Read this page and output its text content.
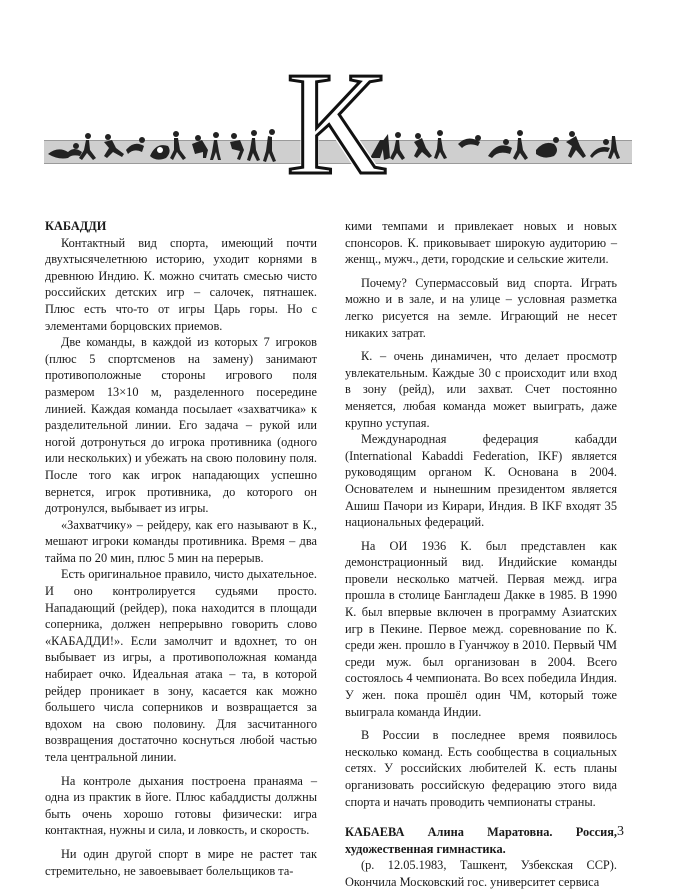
К

КАБАДДИ

Контактный вид спорта, имеющий почти двухтысячелетнюю историю, уходит корнями в древнюю Индию. К. можно считать смесью чисто российских детских игр – салочек, пятнашек. Плюс есть что-то от игры Царь горы. Но с элементами борцовских приемов.

Две команды, в каждой из которых 7 игроков (плюс 5 спортсменов на замену) занимают противоположные стороны игрового поля размером 13×10 м, разделенного посередине линией. Каждая команда посылает «захватчика» к разделительной линии. Его задача – рукой или ногой дотронуться до игрока противника (одного или нескольких) и убежать на свою половину поля. После того как игрок нападающих успешно вернется, игрок противника, до которого он дотронулся, выбывает из игры.

«Захватчику» – рейдеру, как его называют в К., мешают игроки команды противника. Время – два тайма по 20 мин, плюс 5 мин на перерыв.

Есть оригинальное правило, чисто дыхательное. И оно контролируется судьями просто. Нападающий (рейдер), пока находится в площади соперника, должен непрерывно говорить слово «КАБАДДИ!». Если замолчит и вдохнет, то он выбывает из игры, а противоположная команда набирает очко. Идеальная атака – та, в которой рейдер проникает в зону, касается как можно большего числа соперников и возвращается за вдохом на свою половину. Для засчитанного возвращения достаточно коснуться любой частью тела центральной линии.

На контроле дыхания построена пранаяма – одна из практик в йоге. Плюс кабаддисты должны быть очень хорошо готовы физически: игра контактная, нужны и сила, и ловкость, и скорость.

Ни один другой спорт в мире не растет так стремительно, не завоевывает болельщиков та-

кими темпами и привлекает новых и новых спонсоров. К. приковывает широкую аудиторию – женщ., мужч., дети, городские и сельские жители.

Почему? Супермассовый вид спорта. Играть можно и в зале, и на улице – условная разметка легко рисуется на земле. Играющий не несет никаких затрат.

К. – очень динамичен, что делает просмотр увлекательным. Каждые 30 с происходит или вход в зону (рейд), или захват. Счет постоянно меняется, любая команда может выиграть, даже крупно уступая.

Международная федерация кабадди (International Kabaddi Federation, IKF) является руководящим органом К. Основана в 2004. Основателем и нынешним президентом является Ашиш Пачори из Кирари, Индия. В IKF входят 35 национальных федераций.

На ОИ 1936 К. был представлен как демонстрационный вид. Индийские команды провели несколько матчей. Первая межд. игра прошла в столице Бангладеш Дакке в 1985. В 1990 К. был впервые включен в программу Азиатских игр в Пекине. Первое межд. соревнование по К. среди жен. прошло в Гуанчжоу в 2010. Первый ЧМ среди муж. был организован в 2004. Всего состоялось 4 чемпионата. Во всех победила Индия. У жен. пока прошёл один ЧМ, который тоже выиграла команда Индии.

В России в последнее время появилось несколько команд. Есть сообщества в социальных сетях. У российских любителей К. есть планы организовать российскую федерацию этого вида спорта и начать проводить чемпионаты страны.

КАБАЕВА Алина Маратовна. Россия, художественная гимнастика.

(р. 12.05.1983, Ташкент, Узбекская ССР). Окончила Московский гос. университет сервиса

3
